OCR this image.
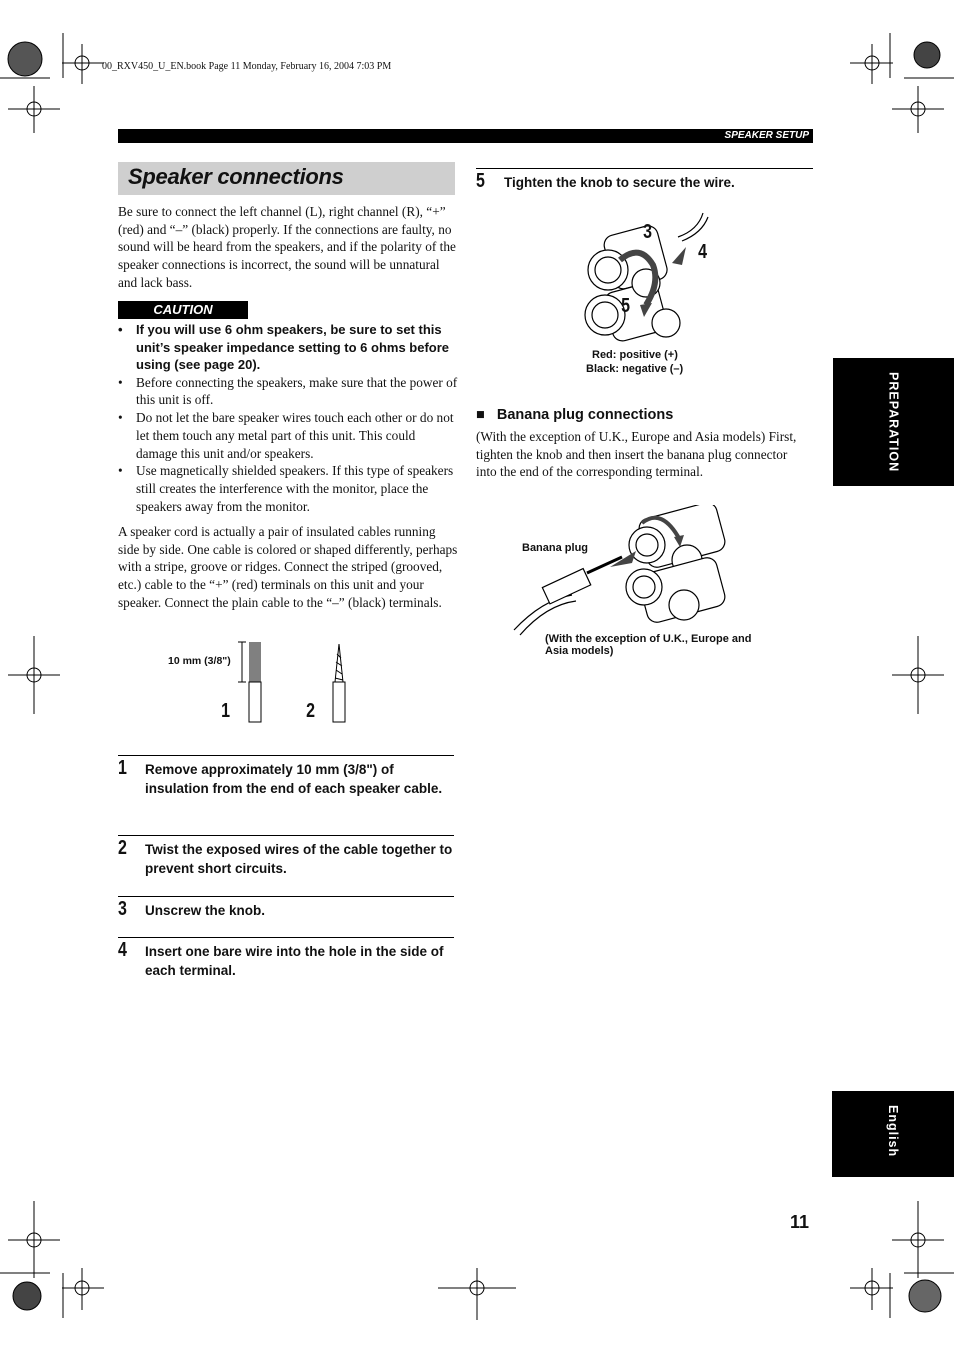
00_RXV450_U_EN.book Page 11 Monday, February 16, 2004 7:03 PM
SPEAKER SETUP
Speaker connections
Be sure to connect the left channel (L), right channel (R), “+” (red) and “–” (black) properly. If the connections are faulty, no sound will be heard from the speakers, and if the polarity of the speaker connections is incorrect, the sound will be unnatural and lack bass.
CAUTION
• If you will use 6 ohm speakers, be sure to set this unit’s speaker impedance setting to 6 ohms before using (see page 20).
• Before connecting the speakers, make sure that the power of this unit is off.
• Do not let the bare speaker wires touch each other or do not let them touch any metal part of this unit. This could damage this unit and/or speakers.
• Use magnetically shielded speakers. If this type of speakers still creates the interference with the monitor, place the speakers away from the monitor.
A speaker cord is actually a pair of insulated cables running side by side. One cable is colored or shaped differently, perhaps with a stripe, groove or ridges. Connect the striped (grooved, etc.) cable to the “+” (red) terminals on this unit and your speaker. Connect the plain cable to the “–” (black) terminals.
10 mm (3/8")
1	2
1 Remove approximately 10 mm (3/8") of insulation from the end of each speaker cable.
2 Twist the exposed wires of the cable together to prevent short circuits.
3 Unscrew the knob.
4 Insert one bare wire into the hole in the side of each terminal.
5 Tighten the knob to secure the wire.
3
4
5
Red: positive (+)
Black: negative (–)
■ Banana plug connections
(With the exception of U.K., Europe and Asia models) First, tighten the knob and then insert the banana plug connector into the end of the corresponding terminal.
Banana plug
(With the exception of U.K., Europe and Asia models)
PREPARATION
English
11
